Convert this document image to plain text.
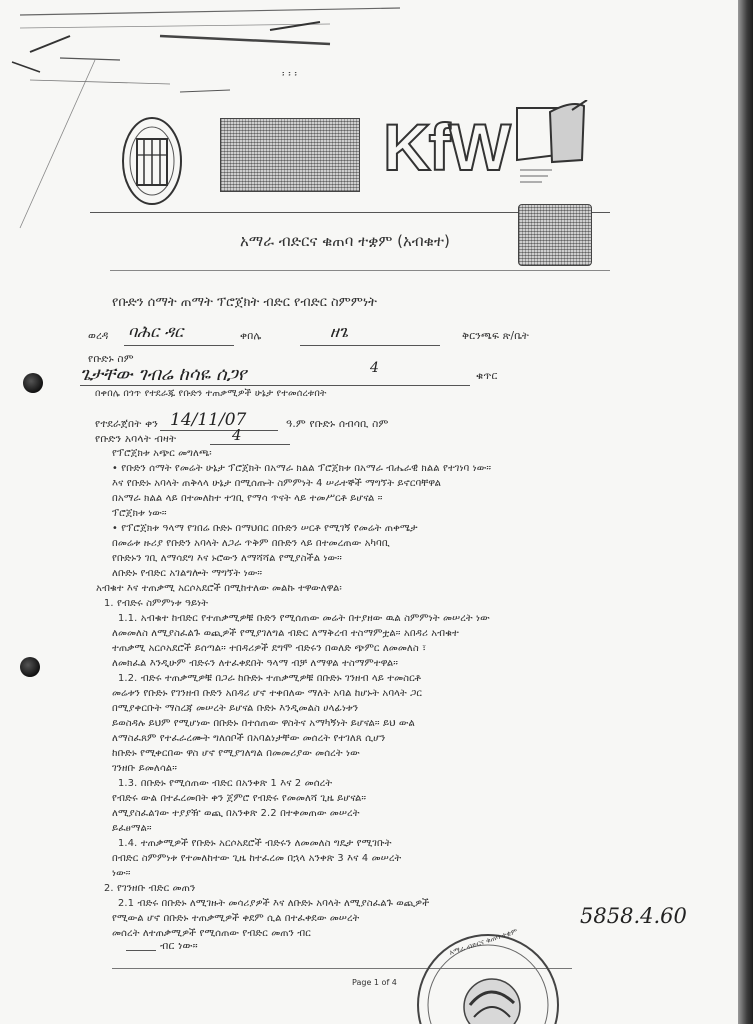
፡ ፡ ፡
KfW
አማራ ብድርና ቁጠባ ተቋም (አብቁተ)
የቡድን ሰማት ጠማት ፕሮጀክት ብድር የብድር ስምምነት
ወረዳ ባሕር ዳር	ቀበሌ	ዘጌ	ቅርንጫፍ ጽ/ቤት
የቡድኑ ስም
ጌታቸው ገብሬ ከሳዬ ሰጋየ	4	ቁጥር
በቀበሌ በጎጥ የተደራጁ የቡድን ተጠቃሚዎች ሁኔታ የተመሰረቱበት
የተደራጀበት ቀን 14/11/07	ዓ.ም የቡድኑ ሰብሳቢ ስም
የቡድን አባላት ብዛት	4
የፕሮጀክቱ አጭር መግለጫ፡
• የቡድን ሰማት የመሬት ሁኔታ ፕሮጀክት በአማራ ክልል ፕሮጀክቱ በአማራ ብሔራዊ ክልል የተገነባ ነው።
እና የቡድኑ አባላት ጠቅላላ ሁኔታ በሚሰጡት ስምምነት 4 ሠራተኞች ማግኘት ይኖርባቸዋል
በአማራ ክልል ላይ በተመለከተ ተገቢ የማሳ ጥናት ላይ ተመሥርቶ ይሆናል ።
ፕሮጀክቱ ነው።
• የፕሮጀክቱ ዓላማ የገበሬ ቡድኑ በማህበር በቡድን ሠርቶ የሚገኝ የመሬት ጠቀሜታ
በመሬቱ ዙሪያ የቡድን አባላት ለጋራ ጥቅም በቡድን ላይ በተመረጠው አካባቢ
የቡድኑን ገቢ ለማሳደግ እና ኑሮውን ለማሻሻል የሚያስችል ነው።
ለቡድኑ የብድር አገልግሎት ማግኘት ነው።
አብቁተ እና ተጠቃሚ አርሶአደሮች በሚከተለው መልኩ ተዋውለዋል፡
1. የብድሩ ስምምነቱ ዓይነት
1.1. አብቁተ ከብድር የተጠቃሚዎቹ ቡድን የሚሰጠው መሬት በተያዘው ዉል ስምምነት መሠረት ነው
ለመመለስ ለሚያስፈልጉ ወጪዎች የሚያገለግል ብድር ለማቅረብ ተስማምቷል። አበዳሪ አብቁተ
ተጠቃሚ አርሶአደሮች ይሰጣል። ተበዳሪዎች ደግሞ ብድሩን በወለድ ጭምር ለመመለስ ፣
ለመክፈል እንዲሁም ብድሩን ለተፈቀደበት ዓላማ ብቻ ለማዋል ተስማምተዋል።
1.2. ብድሩ ተጠቃሚዎቹ በጋራ ከቡድኑ ተጠቃሚዎቹ በቡድኑ ገንዘብ ላይ ተመስርቶ
መሬቱን የቡድኑ የገንዘብ ቡድን አበዳሪ ሆኖ ተቀበለው ማለት አባል ከሆኑት አባላት ጋር
በሚያቀርቡት ማስረጃ መሠረት ይሆናል ቡድኑ እንዲመልስ ሀላፊነቱን
ይወስዳሉ ይህም የሚሆነው በቡድኑ በተሰጠው ዋስትና አማካኝነት ይሆናል። ይህ ውል
ለማስፈጸም የተፈራረሙት ግለሰቦች በአባልነታቸው መሰረት የተገለጸ ሲሆን
ከቡድኑ የሚቀርበው ዋስ ሆኖ የሚያገለግል በመመሪያው መሰረት ነው
ገንዘቡ ይመለሳል።
1.3. በቡድኑ የሚሰጠው ብድር በአንቀጽ 1 እና 2 መሰረት
የብድሩ ውል በተፈረመበት ቀን ጀምሮ የብድሩ የመመለሻ ጊዜ ይሆናል።
ለሚያስፈልገው ተያያዥ ወጪ በአንቀጽ 2.2 በተቀመጠው መሠረት
ይፈፀማል።
1.4. ተጠቃሚዎች የቡድኑ አርሶአደሮች ብድሩን ለመመለስ ግዴታ የሚገቡት
በብድር ስምምነቱ የተመለከተው ጊዜ ከተፈረመ በኋላ አንቀጽ 3 እና 4 መሠረት
ነው።
2. የገንዘቡ ብድር መጠን
2.1 ብድሩ በቡድኑ ለሚገዙት መሳሪያዎች እና ለቡድኑ አባላት ለሚያስፈልጉ ወጪዎች
የሚውል ሆኖ በቡድኑ ተጠቃሚዎች ቀደም ሲል በተፈቀደው መሠረት
መሰረት ለተጠቃሚዎች የሚሰጠው የብድር መጠን ብር
5858.4.60
ብር ነው።
Page 1 of 4
አማራ ብድርና ቁጠባ ተቋም
